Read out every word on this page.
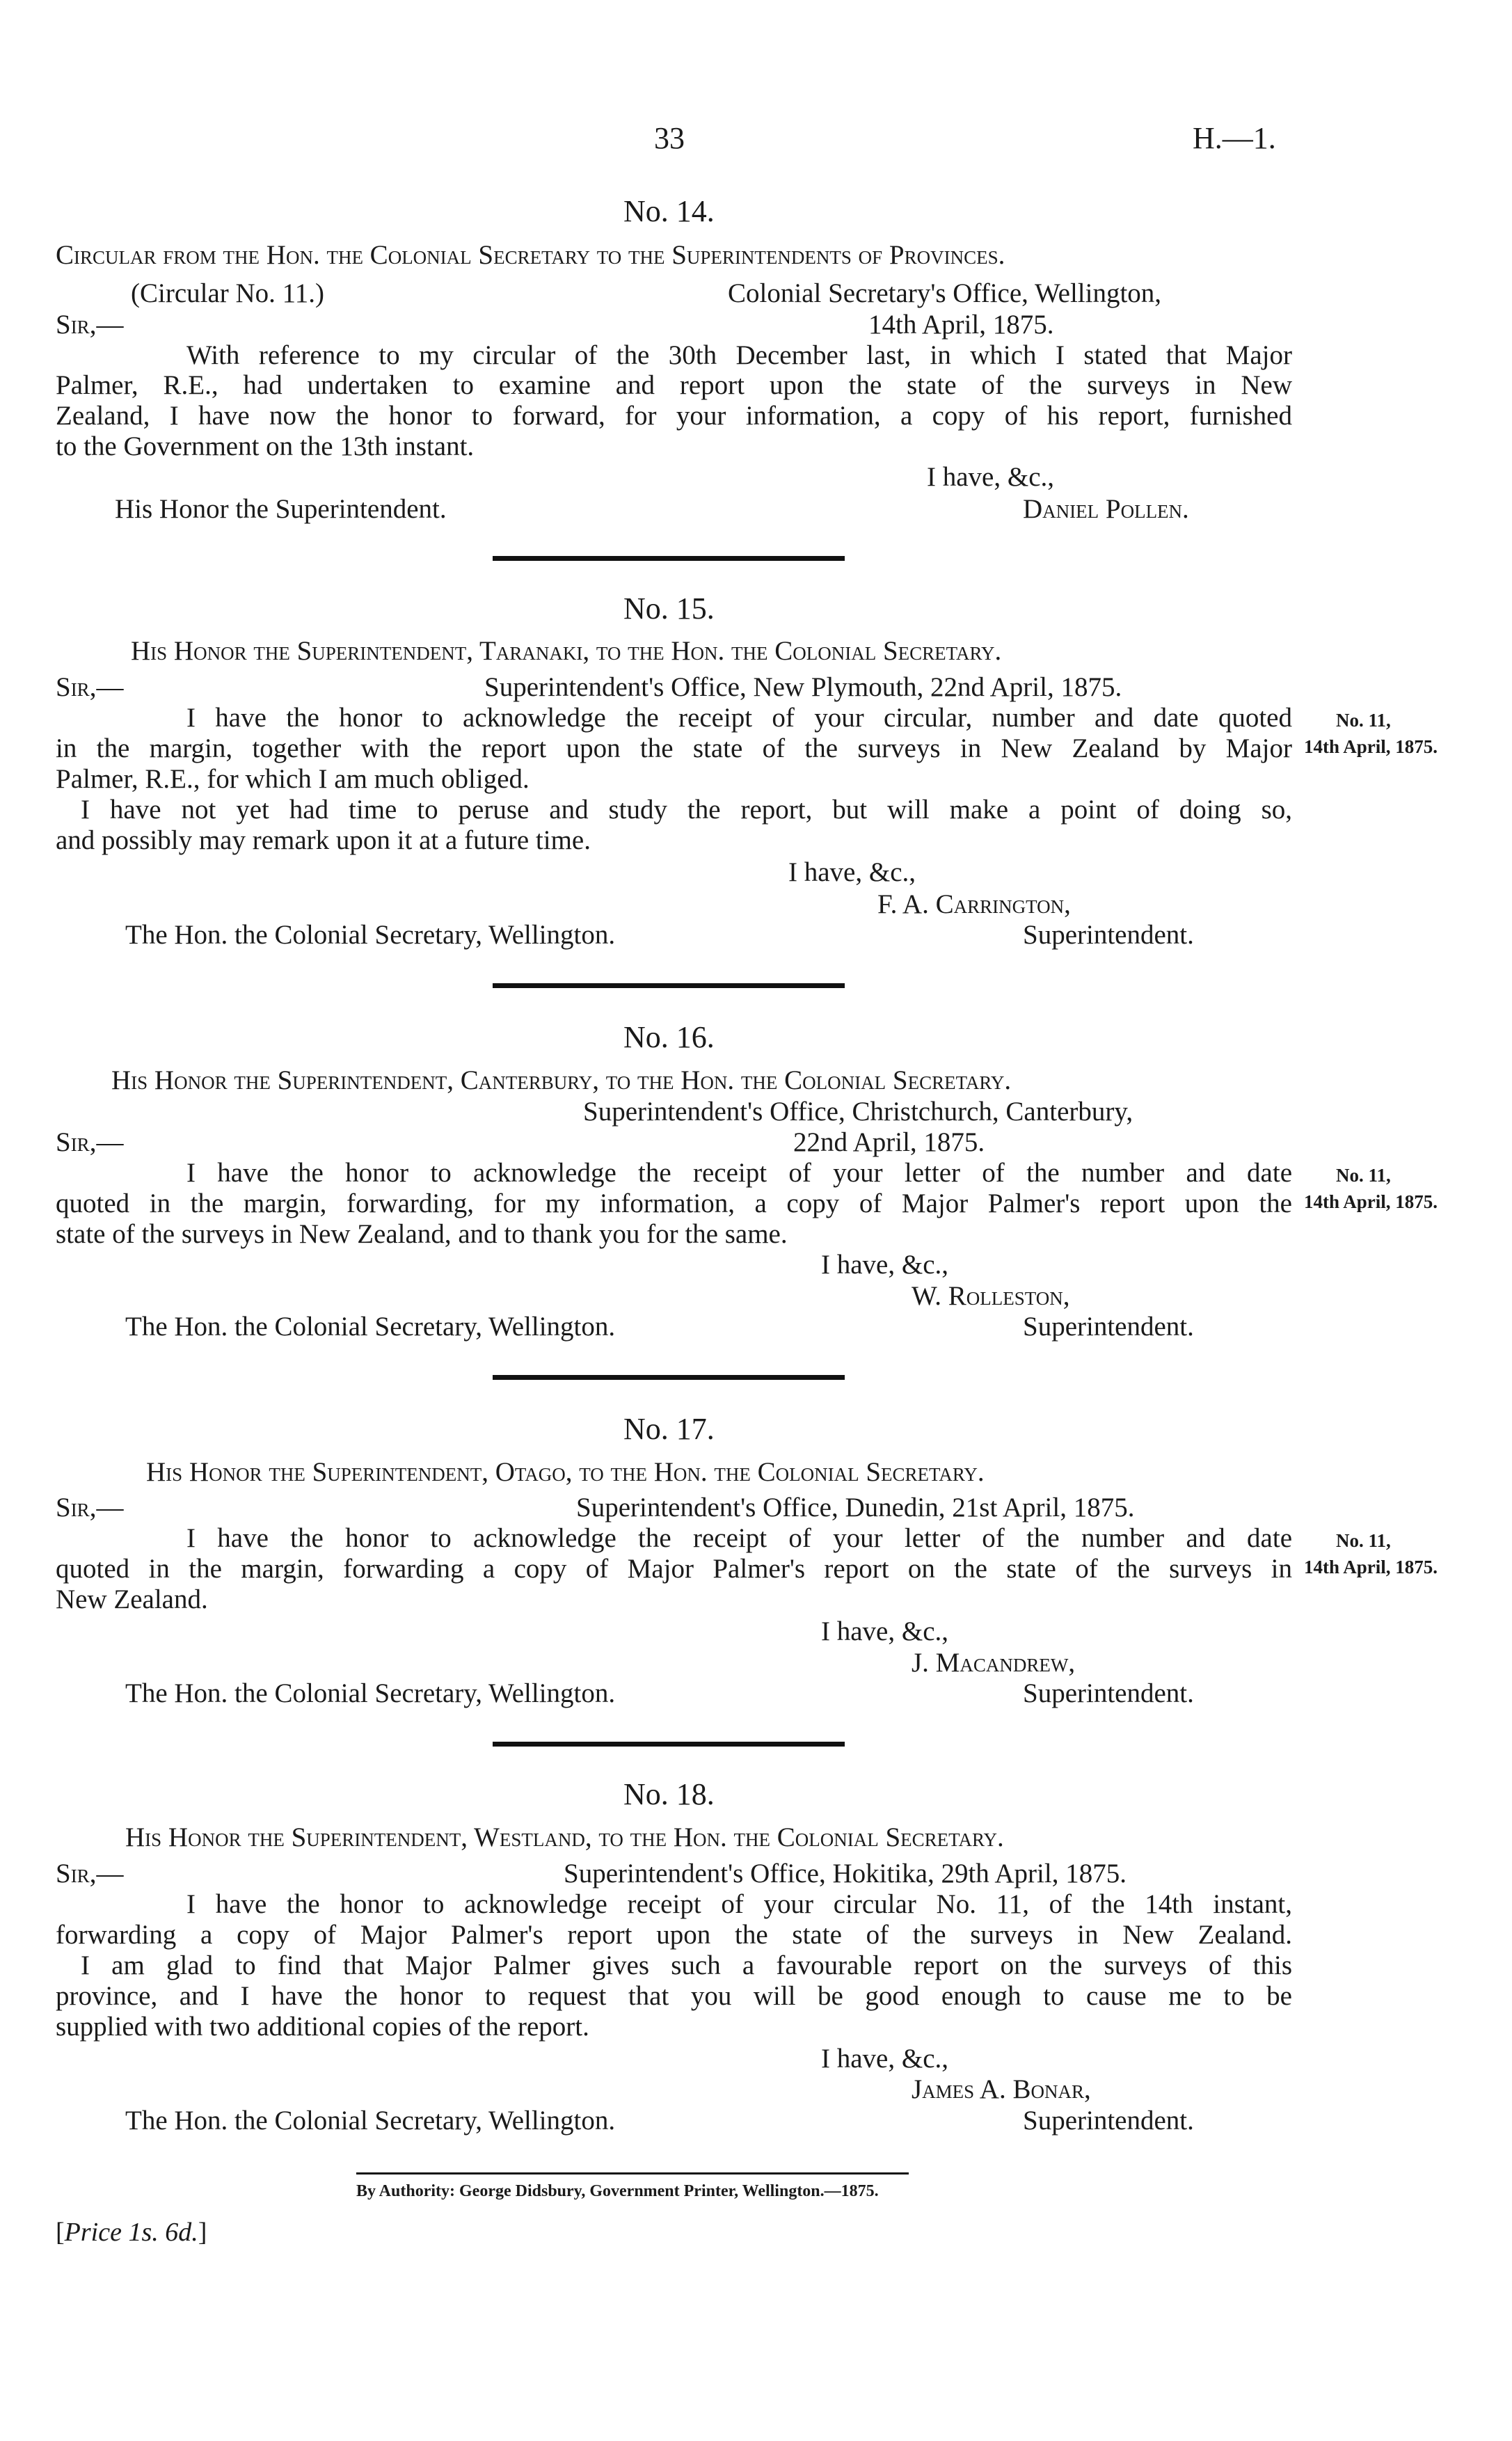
33	H.—1.
No. 14.
Circular from the Hon. the Colonial Secretary to the Superintendents of Provinces.
(Circular No. 11.)	Colonial Secretary's Office, Wellington,
Sir,—	14th April, 1875.
With reference to my circular of the 30th December last, in which I stated that Major
Palmer, R.E., had undertaken to examine and report upon the state of the surveys in New
Zealand, I have now the honor to forward, for your information, a copy of his report, furnished
to the Government on the 13th instant.
I have, &c.,
His Honor the Superintendent.	Daniel Pollen.
No. 15.
His Honor the Superintendent, Taranaki, to the Hon. the Colonial Secretary.
Sir,—	Superintendent's Office, New Plymouth, 22nd April, 1875.
I have the honor to acknowledge the receipt of your circular, number and date quoted
in the margin, together with the report upon the state of the surveys in New Zealand by Major
Palmer, R.E., for which I am much obliged.
I have not yet had time to peruse and study the report, but will make a point of doing so,
and possibly may remark upon it at a future time.
No. 11,
14th April, 1875.
I have, &c.,
F. A. Carrington,
The Hon. the Colonial Secretary, Wellington.	Superintendent.
No. 16.
His Honor the Superintendent, Canterbury, to the Hon. the Colonial Secretary.
Superintendent's Office, Christchurch, Canterbury,
Sir,—	22nd April, 1875.
I have the honor to acknowledge the receipt of your letter of the number and date
quoted in the margin, forwarding, for my information, a copy of Major Palmer's report upon the
state of the surveys in New Zealand, and to thank you for the same.
No. 11,
14th April, 1875.
I have, &c.,
W. Rolleston,
The Hon. the Colonial Secretary, Wellington.	Superintendent.
No. 17.
His Honor the Superintendent, Otago, to the Hon. the Colonial Secretary.
Sir,—	Superintendent's Office, Dunedin, 21st April, 1875.
I have the honor to acknowledge the receipt of your letter of the number and date
quoted in the margin, forwarding a copy of Major Palmer's report on the state of the surveys in
New Zealand.
No. 11,
14th April, 1875.
I have, &c.,
J. Macandrew,
The Hon. the Colonial Secretary, Wellington.	Superintendent.
No. 18.
His Honor the Superintendent, Westland, to the Hon. the Colonial Secretary.
Sir,—	Superintendent's Office, Hokitika, 29th April, 1875.
I have the honor to acknowledge receipt of your circular No. 11, of the 14th instant,
forwarding a copy of Major Palmer's report upon the state of the surveys in New Zealand.
I am glad to find that Major Palmer gives such a favourable report on the surveys of this
province, and I have the honor to request that you will be good enough to cause me to be
supplied with two additional copies of the report.
I have, &c.,
James A. Bonar,
The Hon. the Colonial Secretary, Wellington.	Superintendent.
By Authority: George Didsbury, Government Printer, Wellington.—1875.
[Price 1s. 6d.]
